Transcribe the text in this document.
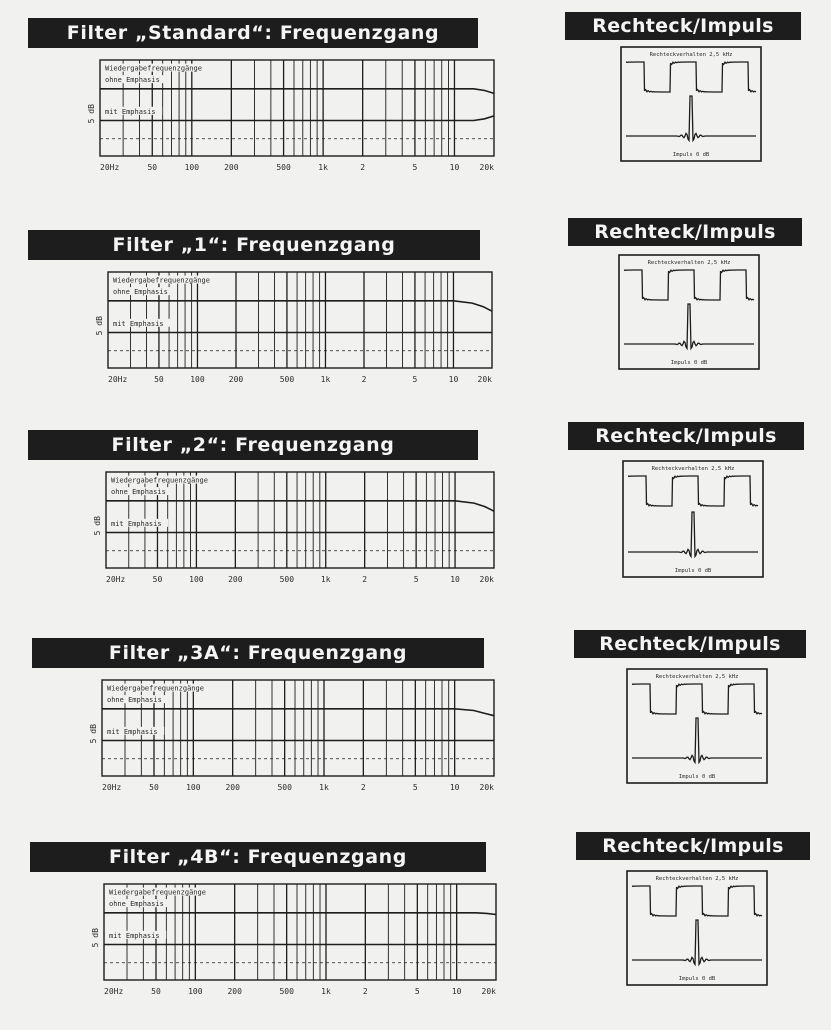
Filter „Standard“: Frequenzgang
Wiedergabefrequenzgänge
ohne Emphasis
mit Emphasis
5 dB
20Hz	50	100	200	500	1k	2	5	10	20k
Rechteck/Impuls
Rechteckverhalten 2,5 kHz
Impuls 0 dB
Filter „1“: Frequenzgang
Wiedergabefrequenzgänge
ohne Emphasis
mit Emphasis
5 dB
20Hz	50	100	200	500	1k	2	5	10 20k
Rechteck/Impuls
Rechteckverhalten 2,5 kHz
Impuls 0 dB
Filter „2“: Frequenzgang
Wiedergabefrequenzgänge
ohne Emphasis
mit Emphasis
5 dB
20Hz	50	100	200	500	1k	2	5	10 20k
Rechteck/Impuls
Rechteckverhalten 2,5 kHz
Impuls 0 dB
Filter „3A“: Frequenzgang
Wiedergabefrequenzgänge
ohne Emphasis
mit Emphasis
5 dB
20Hz	50	100	200	500	1k	2	5	10	20k
Rechteck/Impuls
Rechteckverhalten 2,5 kHz
Impuls 0 dB
Filter „4B“: Frequenzgang
Wiedergabefrequenzgänge
ohne Emphasis
mit Emphasis
5 dB
20Hz	50	100	200	500	1k	2	5	10	20k
Rechteck/Impuls
Rechteckverhalten 2,5 kHz
Impuls 0 dB
